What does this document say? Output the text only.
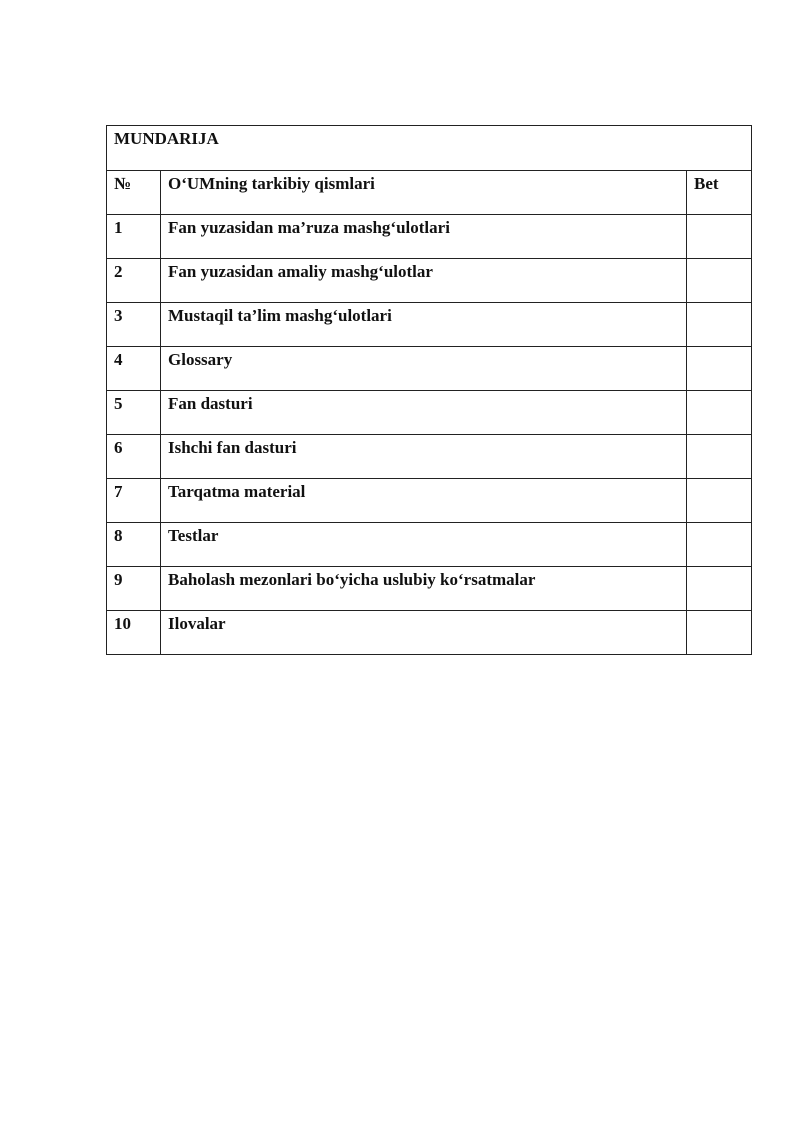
MUNDARIJA		
№	O‘UMning tarkibiy qismlari	Bet
1	Fan yuzasidan ma’ruza mashg‘ulotlari	
2	Fan yuzasidan amaliy mashg‘ulotlar	
3	Mustaqil ta’lim mashg‘ulotlari	
4	Glossary	
5	Fan dasturi	
6	Ishchi fan dasturi	
7	Tarqatma material	
8	Testlar	
9	Baholash mezonlari bo‘yicha uslubiy ko‘rsatmalar	
10	Ilovalar	
